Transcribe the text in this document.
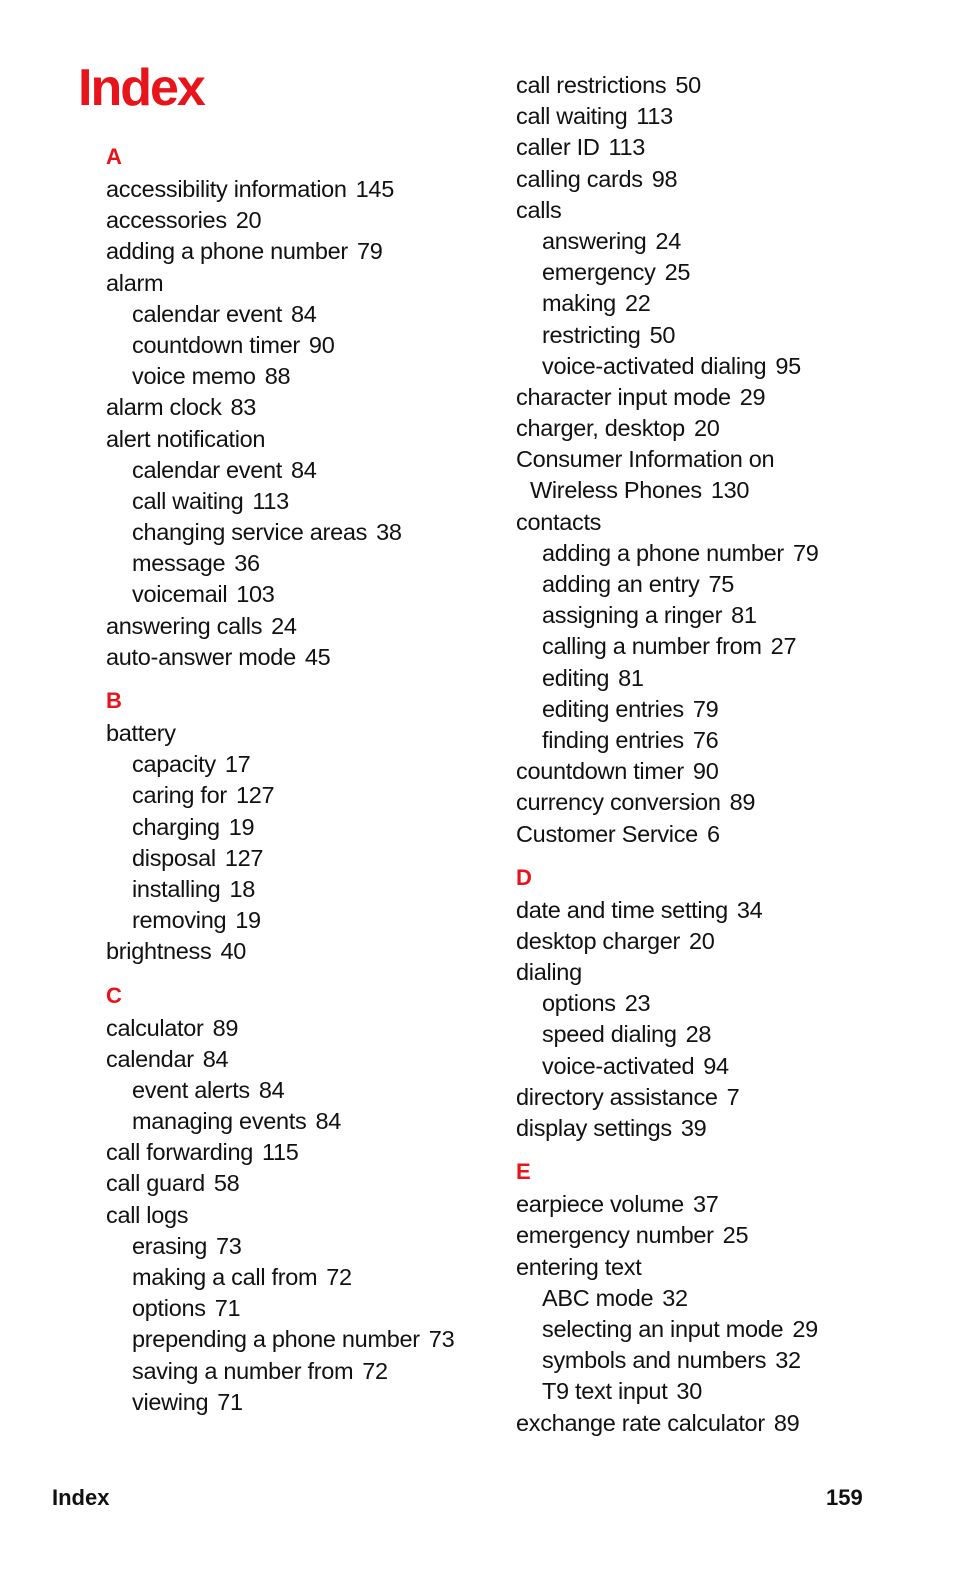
Index
A
accessibility information 145
accessories 20
adding a phone number 79
alarm
calendar event 84
countdown timer 90
voice memo 88
alarm clock 83
alert notification
calendar event 84
call waiting 113
changing service areas 38
message 36
voicemail 103
answering calls 24
auto-answer mode 45
B
battery
capacity 17
caring for 127
charging 19
disposal 127
installing 18
removing 19
brightness 40
C
calculator 89
calendar 84
event alerts 84
managing events 84
call forwarding 115
call guard 58
call logs
erasing 73
making a call from 72
options 71
prepending a phone number 73
saving a number from 72
viewing 71
call restrictions 50
call waiting 113
caller ID 113
calling cards 98
calls
answering 24
emergency 25
making 22
restricting 50
voice-activated dialing 95
character input mode 29
charger, desktop 20
Consumer Information on
Wireless Phones 130
contacts
adding a phone number 79
adding an entry 75
assigning a ringer 81
calling a number from 27
editing 81
editing entries 79
finding entries 76
countdown timer 90
currency conversion 89
Customer Service 6
D
date and time setting 34
desktop charger 20
dialing
options 23
speed dialing 28
voice-activated 94
directory assistance 7
display settings 39
E
earpiece volume 37
emergency number 25
entering text
ABC mode 32
selecting an input mode 29
symbols and numbers 32
T9 text input 30
exchange rate calculator 89
Index	159
